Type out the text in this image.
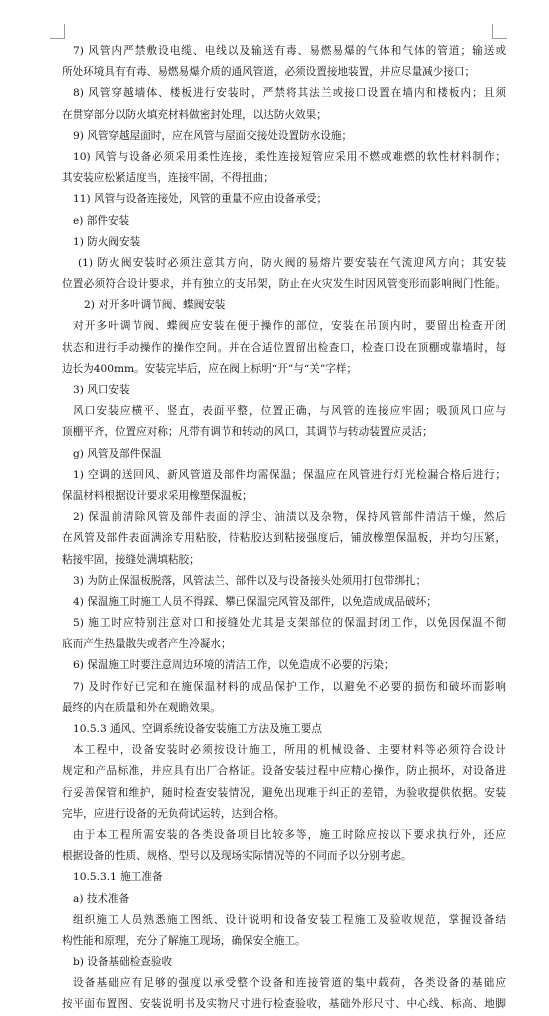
7) 风管内严禁敷设电缆、电线以及输送有毒、易燃易爆的气体和气体的管道；输送或
所处环境具有有毒、易燃易爆介质的通风管道，必须设置接地装置，并应尽量减少接口；
8) 风管穿越墙体、楼板进行安装时，严禁将其法兰或接口设置在墙内和楼板内；且须
在贯穿部分以防火填充材料做密封处理，以达防火效果；
9) 风管穿越屋面时，应在风管与屋面交接处设置防水设施；
10) 风管与设备必须采用柔性连接，柔性连接短管应采用不燃或难燃的软性材料制作；
其安装应松紧适度当，连接牢固，不得扭曲；
11) 风管与设备连接处，风管的重量不应由设备承受；
e) 部件安装
1) 防火阀安装
(1) 防火阀安装时必须注意其方向，防火阀的易熔片要安装在气流迎风方向；其安装
位置必须符合设计要求，并有独立的支吊架，防止在火灾发生时因风管变形而影响阀门性能。
2) 对开多叶调节阀、蝶阀安装
对开多叶调节阀、蝶阀应安装在便于操作的部位，安装在吊顶内时，要留出检查开闭
状态和进行手动操作的操作空间。并在合适位置留出检查口，检查口设在顶棚或靠墙时，每
边长为400mm。安装完毕后，应在阀上标明“开”与“关”字样；
3) 风口安装
风口安装应横平、竖直，表面平整，位置正确，与风管的连接应牢固；吸顶风口应与
顶棚平齐，位置应对称；凡带有调节和转动的风口，其调节与转动装置应灵活；
g) 风管及部件保温
1) 空调的送回风、新风管道及部件均需保温；保温应在风管进行灯光检漏合格后进行；
保温材料根据设计要求采用橡塑保温板；
2) 保温前清除风管及部件表面的浮尘、油渍以及杂物，保持风管部件清洁干燥，然后
在风管及部件表面满涂专用粘胶，待粘胶达到粘接强度后，铺放橡塑保温板，并均匀压紧，
粘接牢固，接缝处满填粘胶；
3) 为防止保温板脱落，风管法兰、部件以及与设备接头处须用打包带绑扎；
4) 保温施工时施工人员不得踩、攀已保温完风管及部件，以免造成成品破坏；
5) 施工时应特别注意对口和接缝处尤其是支架部位的保温封闭工作，以免因保温不彻
底而产生热量散失或者产生冷凝水；
6) 保温施工时要注意周边环境的清洁工作，以免造成不必要的污染；
7) 及时作好已完和在施保温材料的成品保护工作，以避免不必要的损伤和破坏而影响
最终的内在质量和外在观瞻效果。
10.5.3 通风、空调系统设备安装施工方法及施工要点
本工程中，设备安装时必须按设计施工，所用的机械设备、主要材料等必须符合设计
规定和产品标准，并应具有出厂合格证。设备安装过程中应精心操作，防止损坏，对设备进
行妥善保管和维护，随时检查安装情况，避免出现难于纠正的差错，为验收提供依据。安装
完毕，应进行设备的无负荷试运转，达到合格。
由于本工程所需安装的各类设备项目比较多等，施工时除应按以下要求执行外，还应
根据设备的性质、规格、型号以及现场实际情况等的不同而予以分别考虑。
10.5.3.1 施工准备
a) 技术准备
组织施工人员熟悉施工图纸、设计说明和设备安装工程施工及验收规范，掌握设备结
构性能和原理，充分了解施工现场，确保安全施工。
b) 设备基础检查验收
设备基础应有足够的强度以承受整个设备和连接管道的集中载荷，各类设备的基础应
按平面布置图、安装说明书及实物尺寸进行检查验收，基础外形尺寸、中心线、标高、地脚
